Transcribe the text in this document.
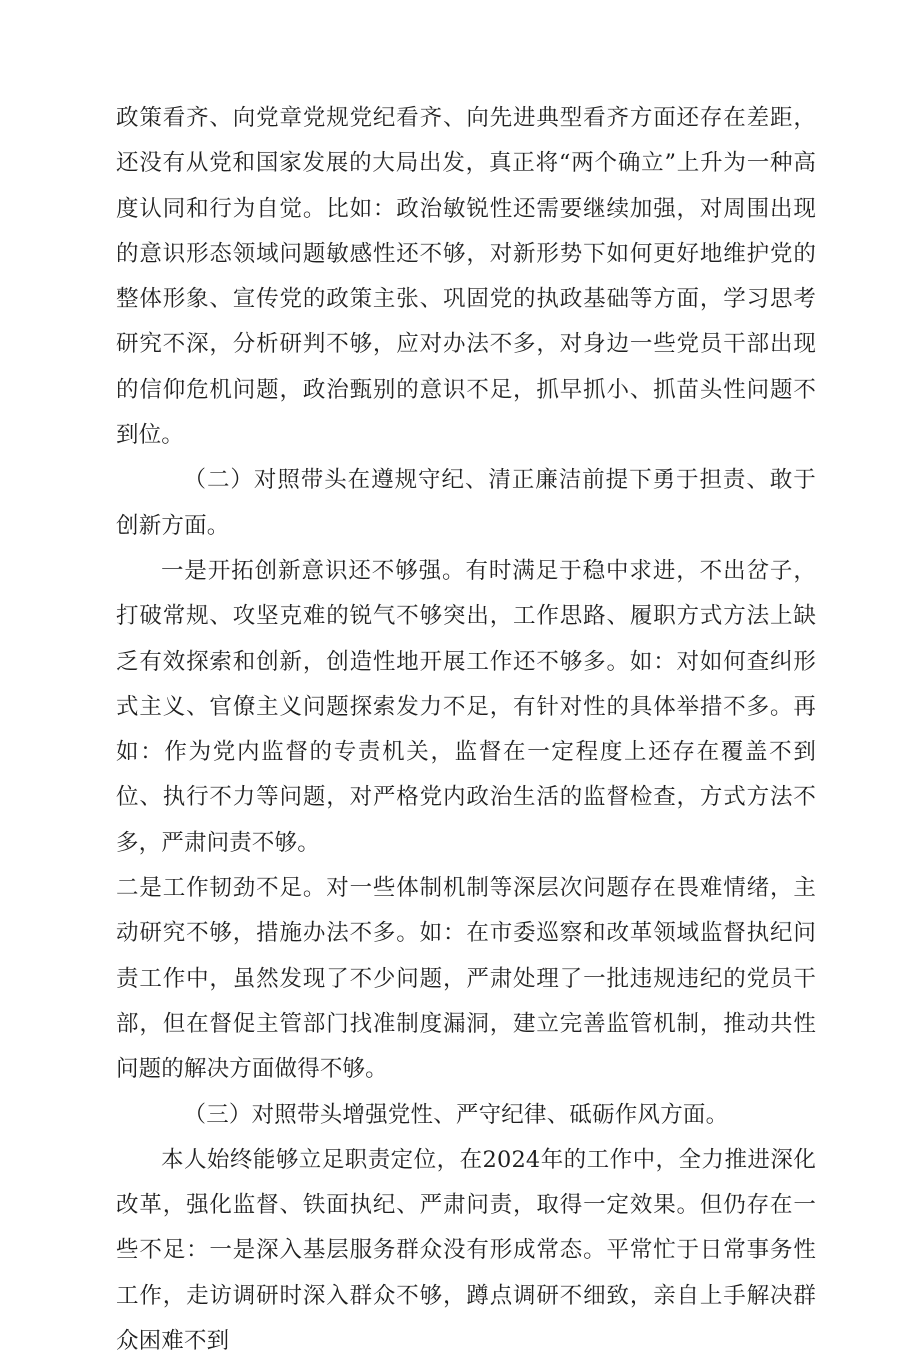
政策看齐、向党章党规党纪看齐、向先进典型看齐方面还存在差距，还没有从党和国家发展的大局出发，真正将“两个确立”上升为一种高度认同和行为自觉。比如：政治敏锐性还需要继续加强，对周围出现的意识形态领域问题敏感性还不够，对新形势下如何更好地维护党的整体形象、宣传党的政策主张、巩固党的执政基础等方面，学习思考研究不深，分析研判不够，应对办法不多，对身边一些党员干部出现的信仰危机问题，政治甄别的意识不足，抓早抓小、抓苗头性问题不到位。

（二）对照带头在遵规守纪、清正廉洁前提下勇于担责、敢于创新方面。

一是开拓创新意识还不够强。有时满足于稳中求进，不出岔子，打破常规、攻坚克难的锐气不够突出，工作思路、履职方式方法上缺乏有效探索和创新，创造性地开展工作还不够多。如：对如何查纠形式主义、官僚主义问题探索发力不足，有针对性的具体举措不多。再如：作为党内监督的专责机关，监督在一定程度上还存在覆盖不到位、执行不力等问题，对严格党内政治生活的监督检查，方式方法不多，严肃问责不够。

二是工作韧劲不足。对一些体制机制等深层次问题存在畏难情绪，主动研究不够，措施办法不多。如：在市委巡察和改革领域监督执纪问责工作中，虽然发现了不少问题，严肃处理了一批违规违纪的党员干部，但在督促主管部门找准制度漏洞，建立完善监管机制，推动共性问题的解决方面做得不够。

（三）对照带头增强党性、严守纪律、砥砺作风方面。

本人始终能够立足职责定位，在2024年的工作中，全力推进深化改革，强化监督、铁面执纪、严肃问责，取得一定效果。但仍存在一些不足：一是深入基层服务群众没有形成常态。平常忙于日常事务性工作，走访调研时深入群众不够，蹲点调研不细致，亲自上手解决群众困难不到
